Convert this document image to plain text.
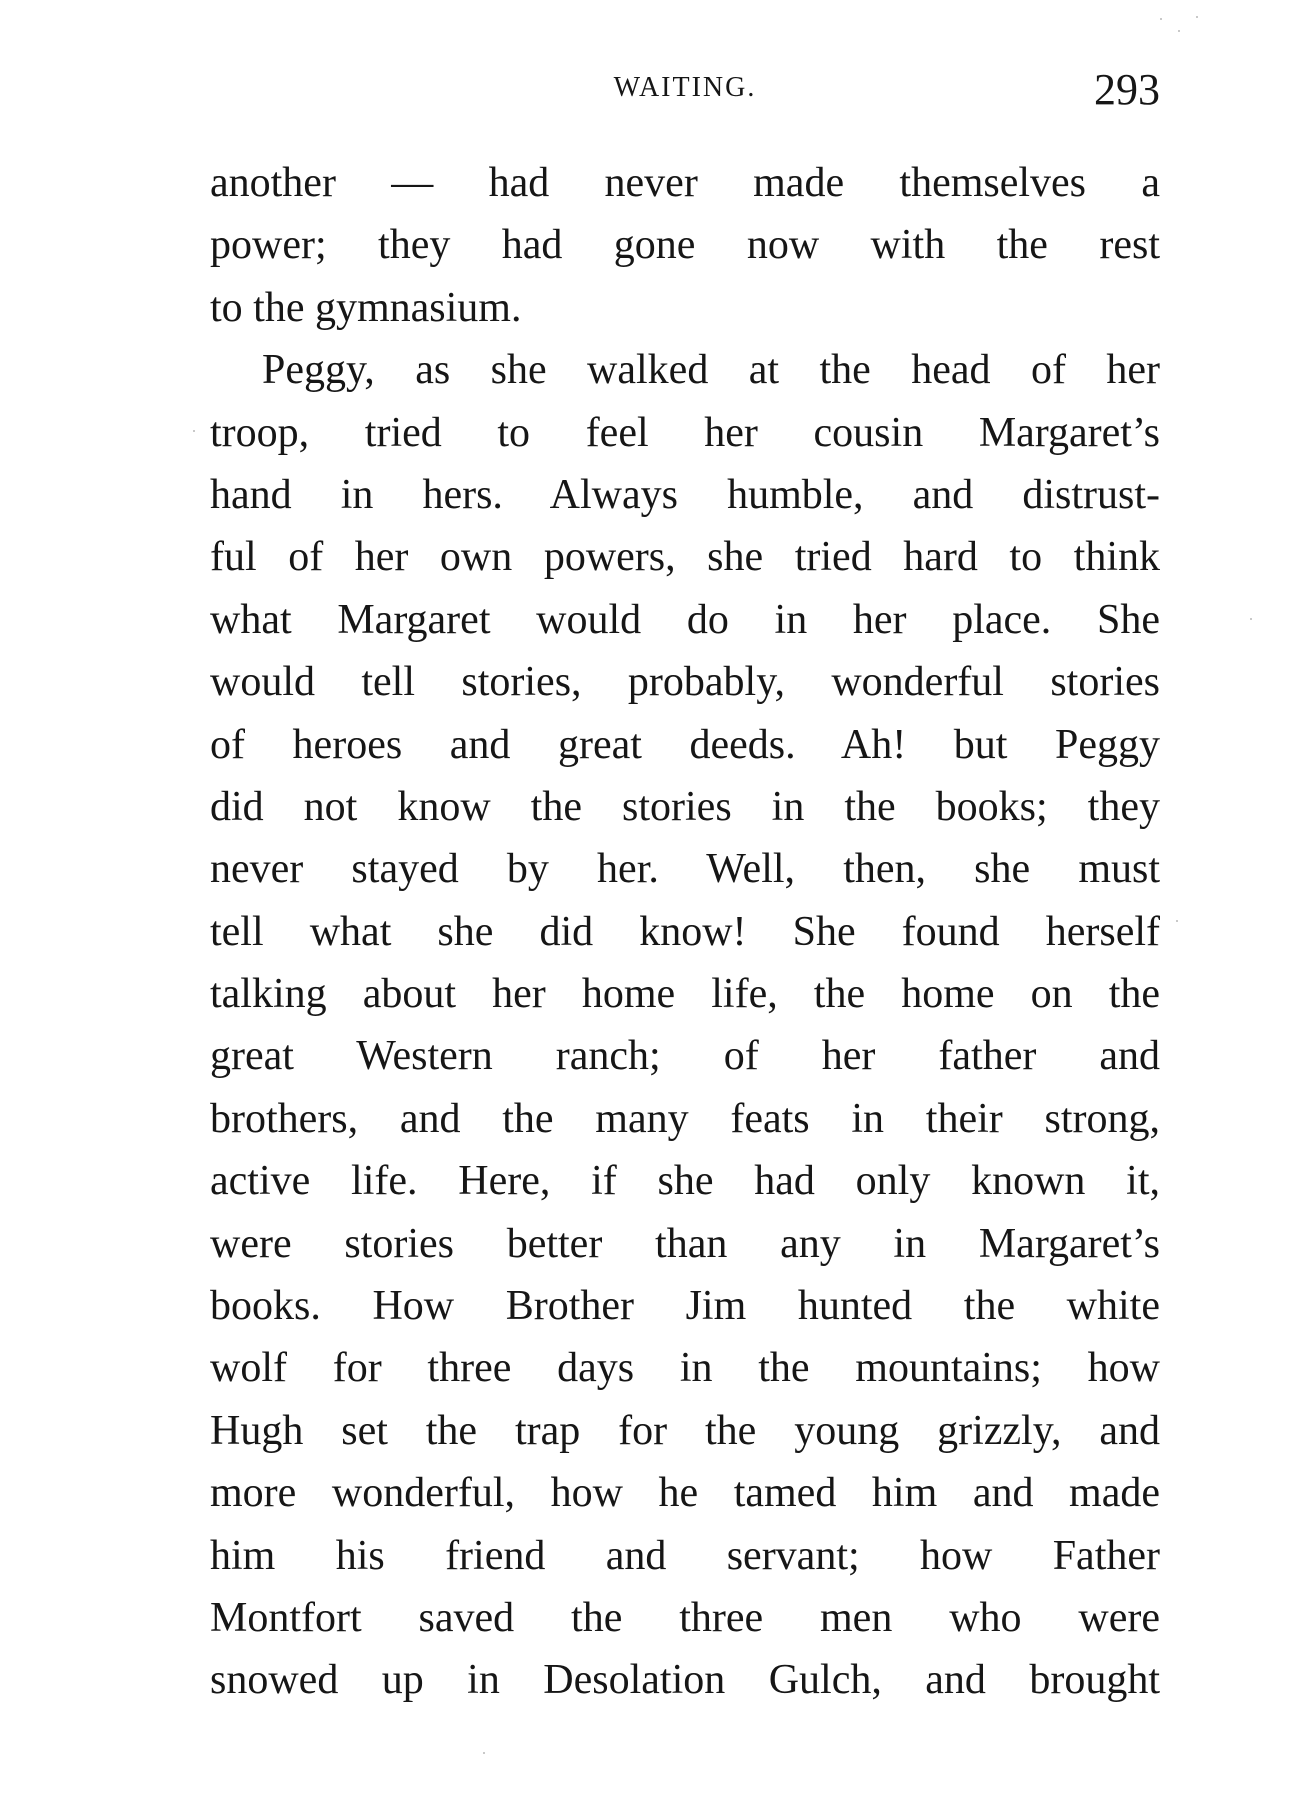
WAITING.	293
another — had never made themselves a
power; they had gone now with the rest
to the gymnasium.
Peggy, as she walked at the head of her
troop, tried to feel her cousin Margaret’s
hand in hers. Always humble, and distrust-
ful of her own powers, she tried hard to think
what Margaret would do in her place. She
would tell stories, probably, wonderful stories
of heroes and great deeds. Ah! but Peggy
did not know the stories in the books; they
never stayed by her. Well, then, she must
tell what she did know! She found herself
talking about her home life, the home on the
great Western ranch; of her father and
brothers, and the many feats in their strong,
active life. Here, if she had only known it,
were stories better than any in Margaret’s
books. How Brother Jim hunted the white
wolf for three days in the mountains; how
Hugh set the trap for the young grizzly, and
more wonderful, how he tamed him and made
him his friend and servant; how Father
Montfort saved the three men who were
snowed up in Desolation Gulch, and brought
